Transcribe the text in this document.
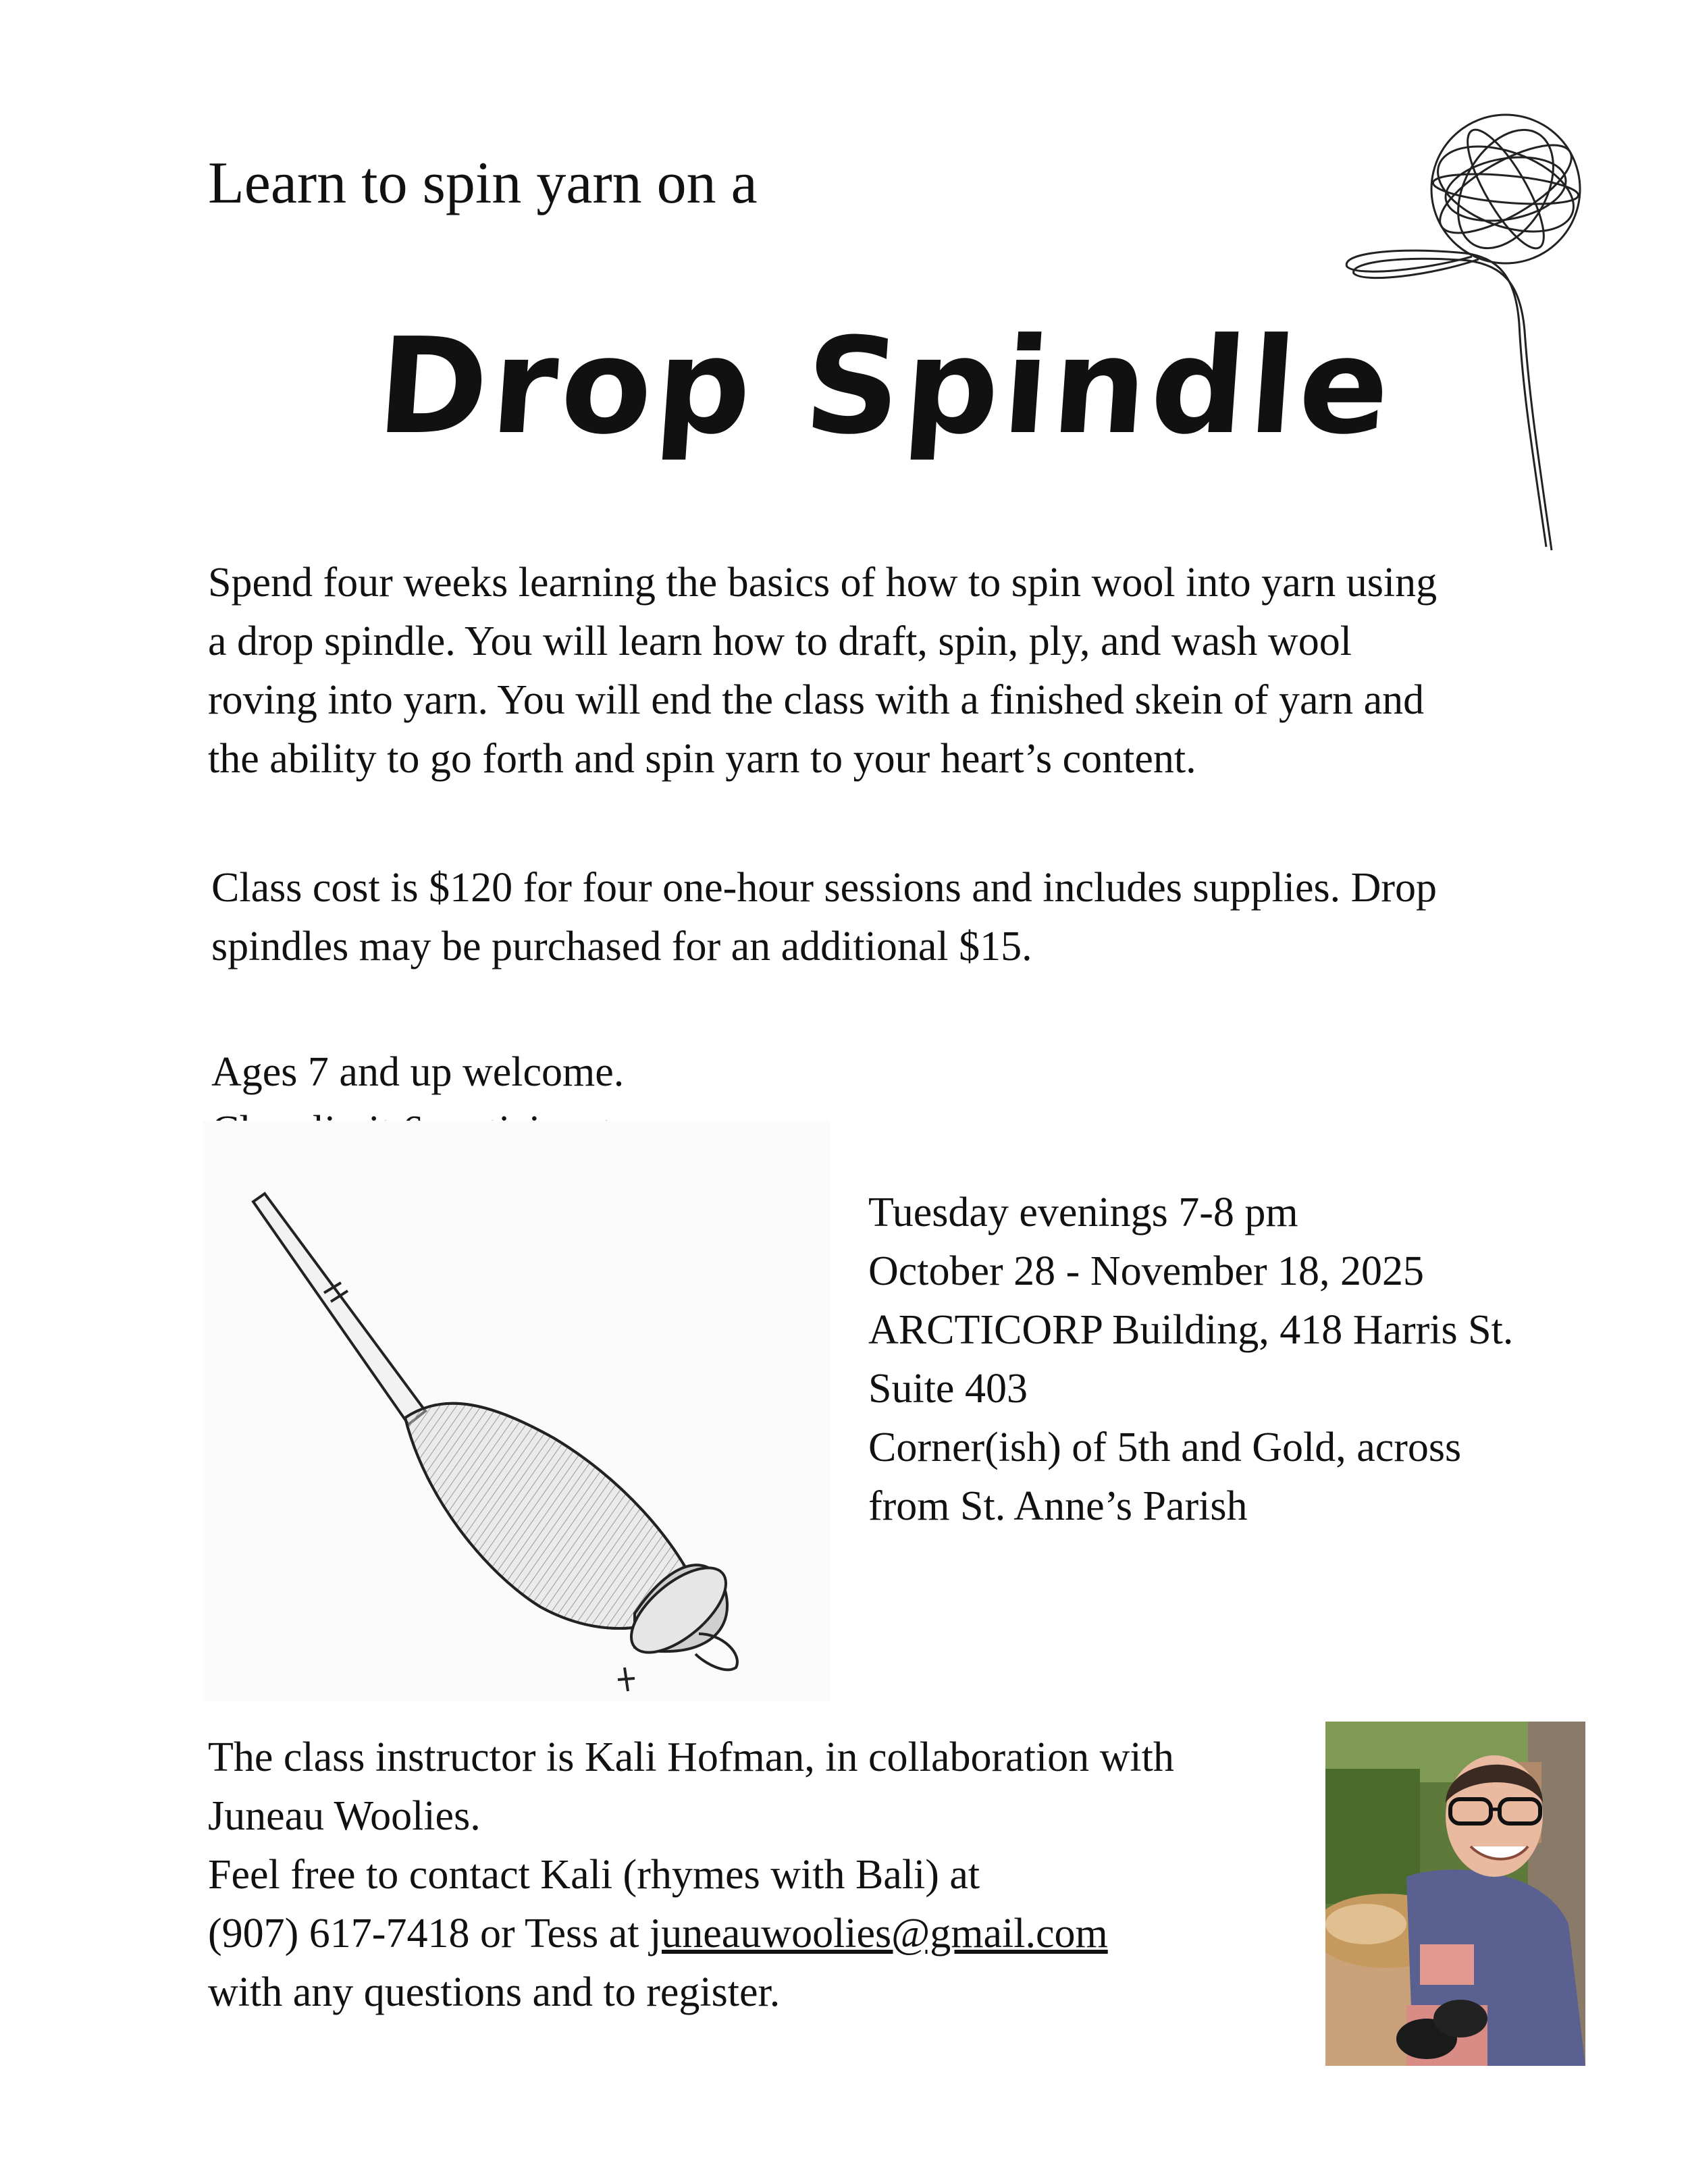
Learn to spin yarn on a
Drop Spindle
Spend four weeks learning the basics of how to spin wool into yarn using
a drop spindle. You will learn how to draft, spin, ply, and wash wool
roving into yarn. You will end the class with a finished skein of yarn and
the ability to go forth and spin yarn to your heart’s content.
Class cost is $120 for four one-hour sessions and includes supplies. Drop
spindles may be purchased for an additional $15.
Ages 7 and up welcome.
Tuesday evenings 7-8 pm
October 28 - November 18, 2025
ARCTICORP Building, 418 Harris St.
Suite 403
Corner(ish) of 5th and Gold, across
from St. Anne’s Parish
The class instructor is Kali Hofman, in collaboration with
Juneau Woolies.
Feel free to contact Kali (rhymes with Bali) at
(907) 617-7418 or Tess at juneauwoolies@gmail.com
with any questions and to register.
